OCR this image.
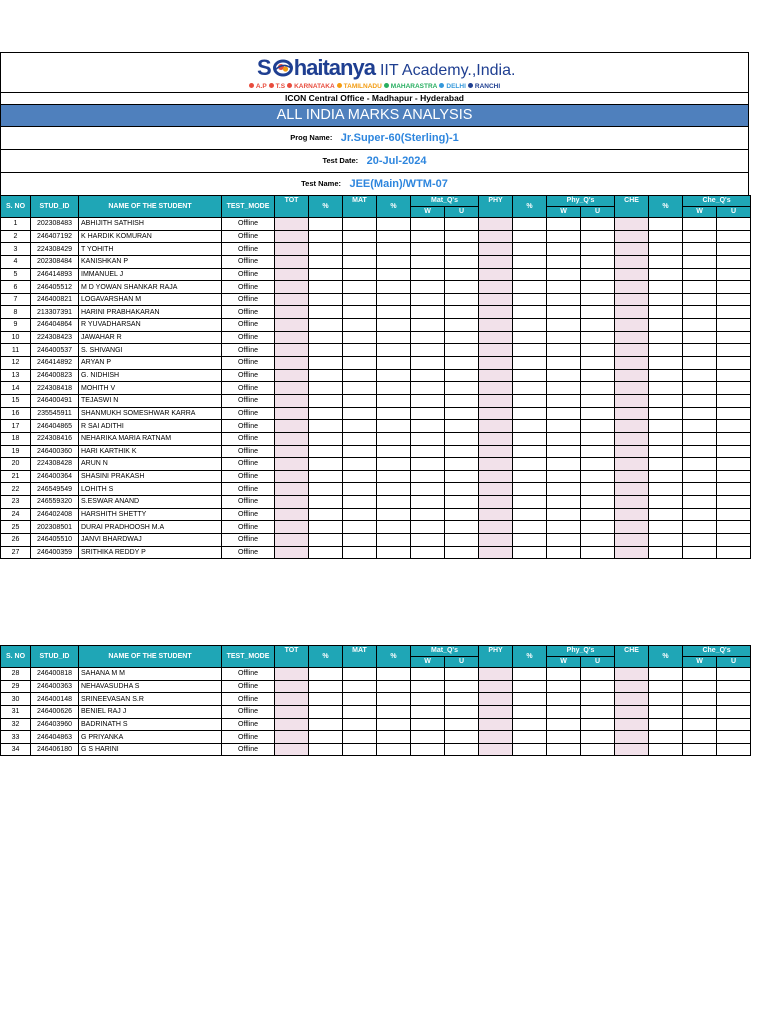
S haitanya IIT Academy.,India.
A.P T.S KARNATAKA TAMILNADU MAHARASTRA DELHI RANCHI
ICON Central Office - Madhapur - Hyderabad
ALL INDIA MARKS ANALYSIS
Prog Name: Jr.Super-60(Sterling)-1
Test Date: 20-Jul-2024
Test Name: JEE(Main)/WTM-07
S. NO	STUD_ID	NAME OF THE STUDENT	TEST_MODE	TOT	%	MAT	%	Mat_Q's		PHY	%	Phy_Q's		CHE	%	Che_Q's	
								W	U			W	U			W	U
1	202308483	ABHIJITH SATHISH	Offline														
2	246407192	K HARDIK KOMURAN	Offline														
3	224308429	T YOHITH	Offline														
4	202308484	KANISHKAN P	Offline														
5	246414893	IMMANUEL J	Offline														
6	246405512	M D YOWAN SHANKAR RAJA	Offline														
7	246400821	LOGAVARSHAN M	Offline														
8	213307391	HARINI PRABHAKARAN	Offline														
9	246404864	R YUVADHARSAN	Offline														
10	224308423	JAWAHAR R	Offline														
11	246400537	S. SHIVANGI	Offline														
12	246414892	ARYAN P	Offline														
13	246400823	G. NIDHISH	Offline														
14	224308418	MOHITH V	Offline														
15	246400491	TEJASWI N	Offline														
16	235545911	SHANMUKH SOMESHWAR KARRA	Offline														
17	246404865	R SAI ADITHI	Offline														
18	224308416	NEHARIKA MARIA RATNAM	Offline														
19	246400360	HARI KARTHIK K	Offline														
20	224308428	ARUN N	Offline														
21	246400364	SHASINI PRAKASH	Offline														
22	246549549	LOHITH S	Offline														
23	246559320	S.ESWAR ANAND	Offline														
24	246402408	HARSHITH SHETTY	Offline														
25	202308501	DURAI PRADHOOSH M.A	Offline														
26	246405510	JANVI BHARDWAJ	Offline														
27	246400359	SRITHIKA REDDY P	Offline														
S. NO	STUD_ID	NAME OF THE STUDENT	TEST_MODE	TOT	%	MAT	%	Mat_Q's		PHY	%	Phy_Q's		CHE	%	Che_Q's	
								W	U			W	U			W	U
28	246400818	SAHANA M M	Offline														
29	246400363	NEHAVASUDHA S	Offline														
30	246400148	SRINEEVASAN S.R	Offline														
31	246400626	BENIEL RAJ J	Offline														
32	246403960	BADRINATH S	Offline														
33	246404863	G PRIYANKA	Offline														
34	246406180	G S HARINI	Offline														
